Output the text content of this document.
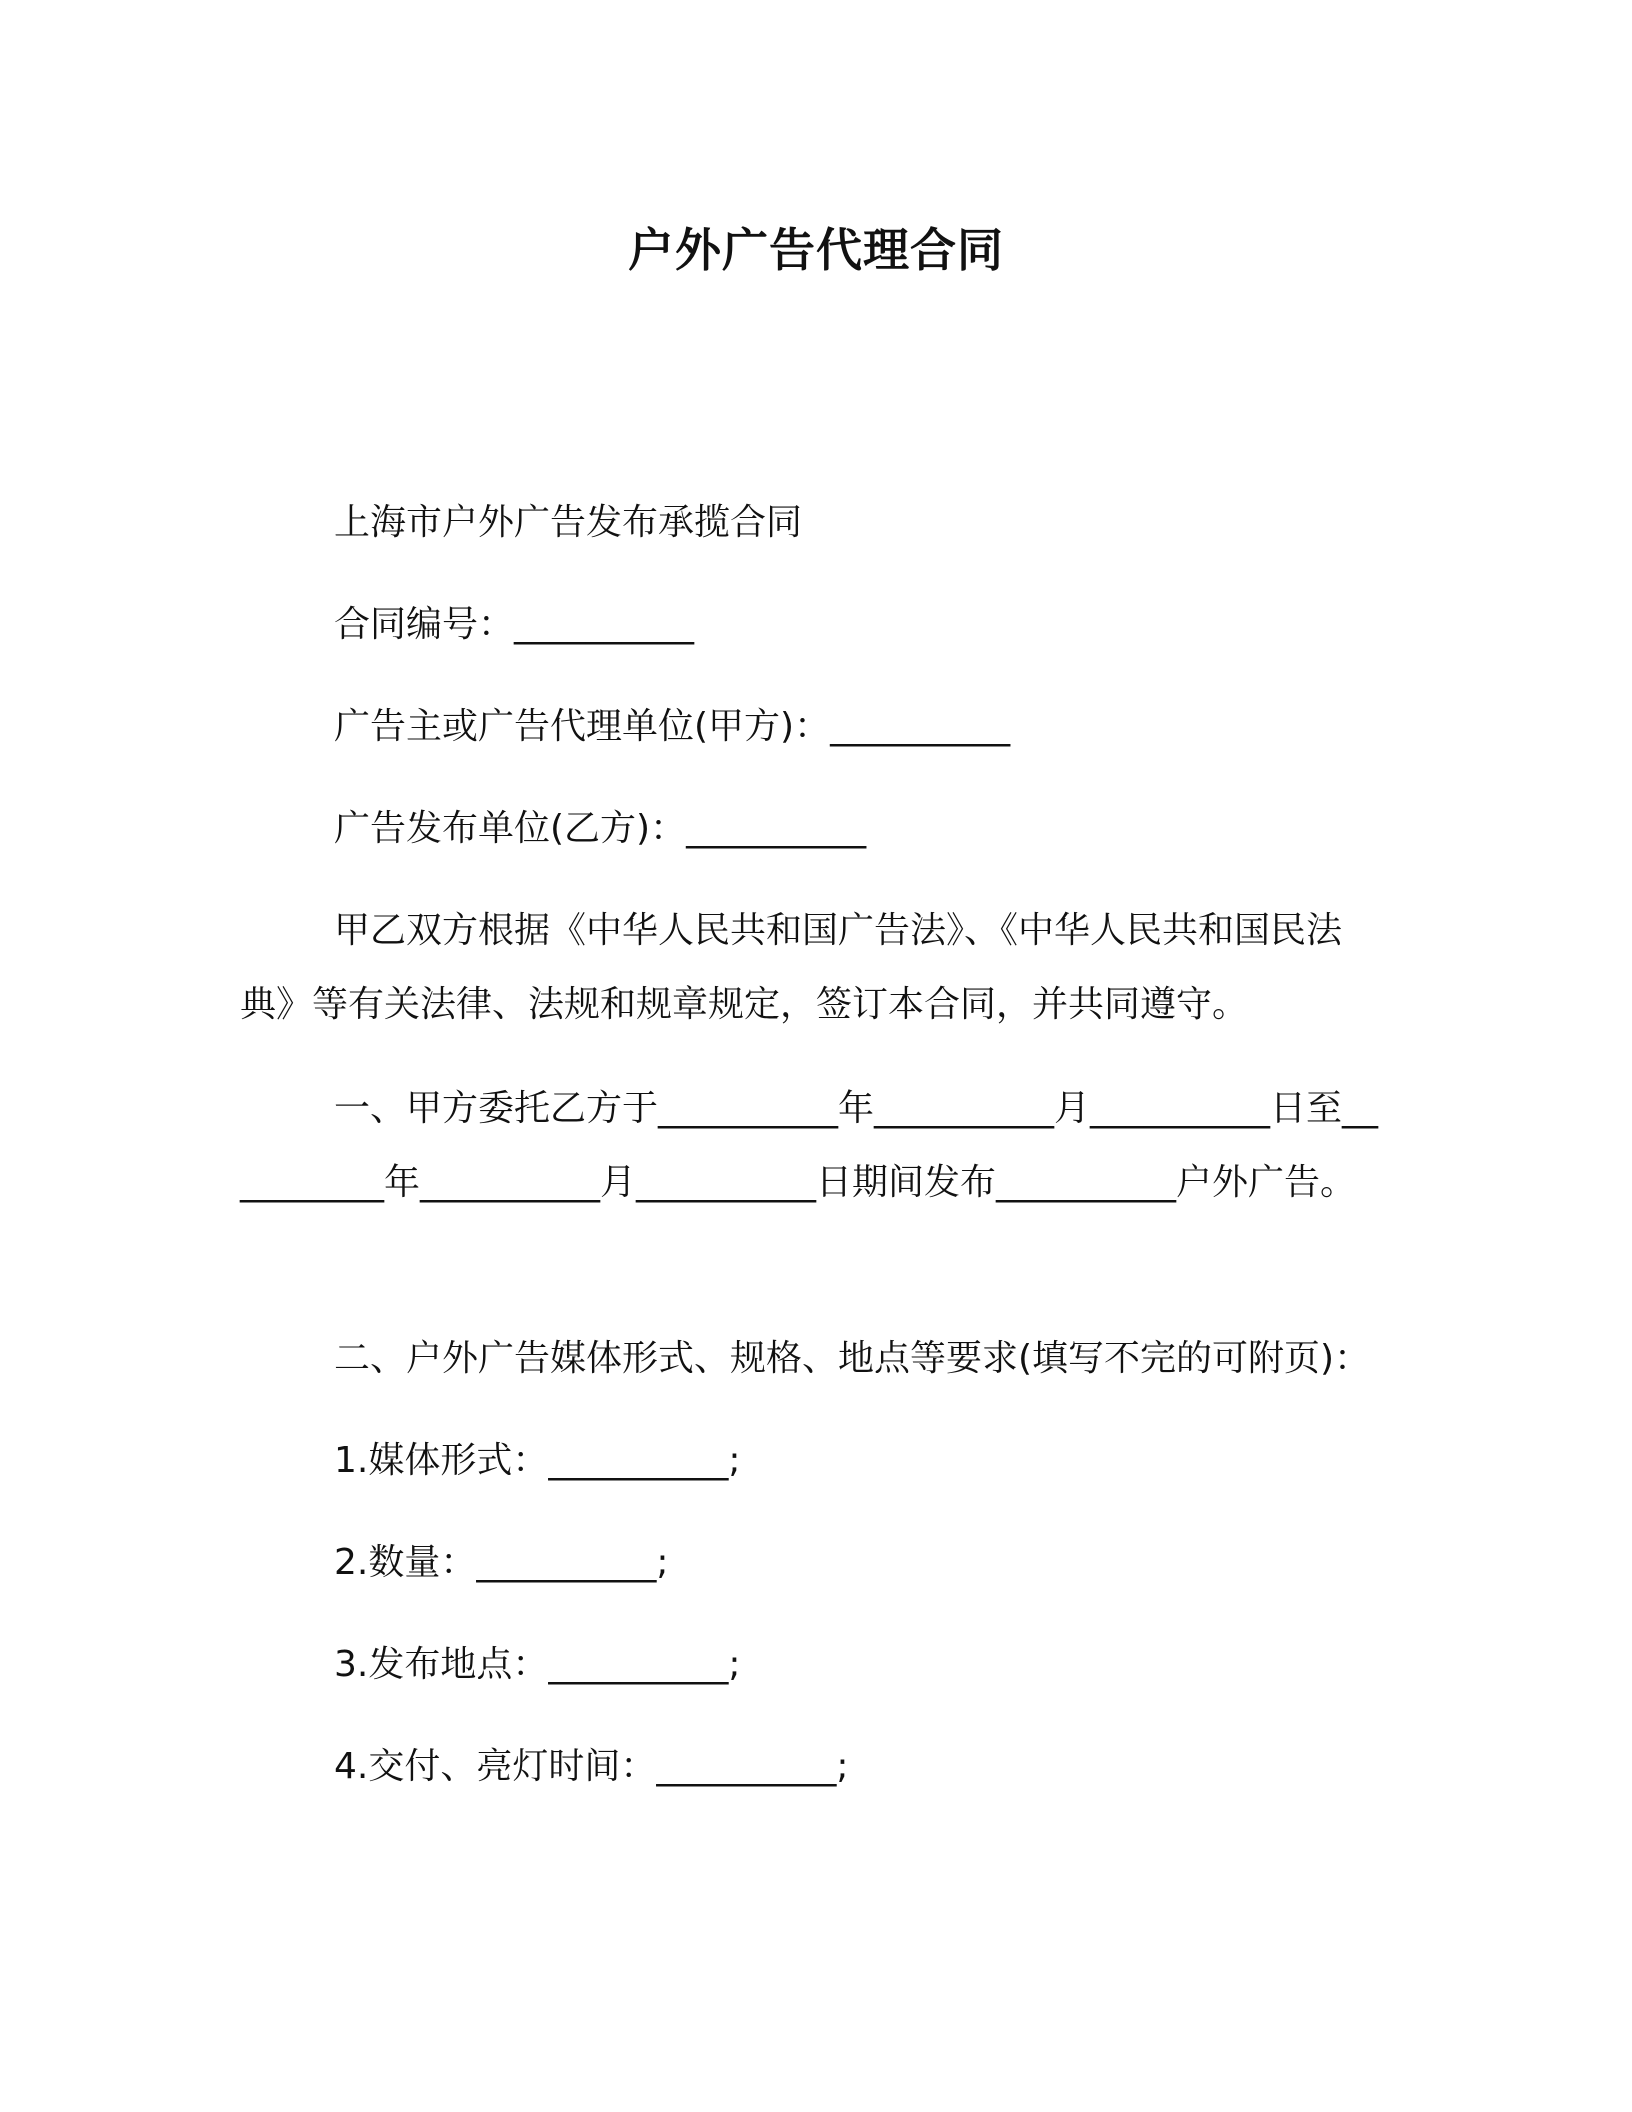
户外广告代理合同
上海市户外广告发布承揽合同
合同编号：__________
广告主或广告代理单位(甲方)：__________
广告发布单位(乙方)：__________
甲乙双方根据《中华人民共和国广告法》、《中华人民共和国民法典》等有关法律、法规和规章规定，签订本合同，并共同遵守。
一、甲方委托乙方于__________年__________月__________日至__________年__________月__________日期间发布__________户外广告。
二、户外广告媒体形式、规格、地点等要求(填写不完的可附页)：
1.媒体形式：__________;
2.数量：__________;
3.发布地点：__________;
4.交付、亮灯时间：__________;
